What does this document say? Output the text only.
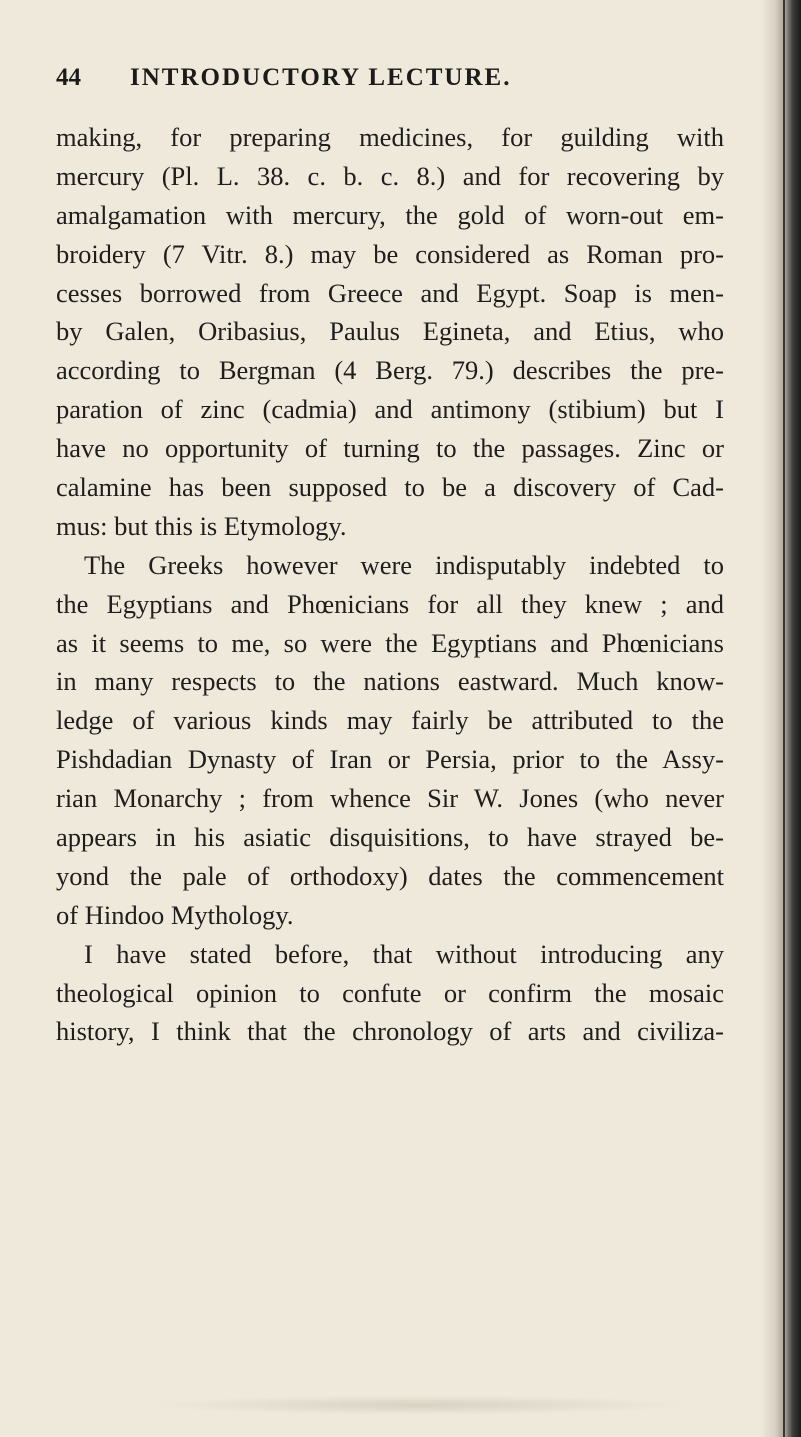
44 INTRODUCTORY LECTURE.
making, for preparing medicines, for guilding with
mercury (Pl. L. 38. c. b. c. 8.) and for recovering by
amalgamation with mercury, the gold of worn-out em-
broidery (7 Vitr. 8.) may be considered as Roman pro-
cesses borrowed from Greece and Egypt. Soap is men-
by Galen, Oribasius, Paulus Egineta, and Etius, who
according to Bergman (4 Berg. 79.) describes the pre-
paration of zinc (cadmia) and antimony (stibium) but I
have no opportunity of turning to the passages. Zinc or
calamine has been supposed to be a discovery of Cad-
mus: but this is Etymology.
The Greeks however were indisputably indebted to
the Egyptians and Phœnicians for all they knew ; and
as it seems to me, so were the Egyptians and Phœnicians
in many respects to the nations eastward. Much know-
ledge of various kinds may fairly be attributed to the
Pishdadian Dynasty of Iran or Persia, prior to the Assy-
rian Monarchy ; from whence Sir W. Jones (who never
appears in his asiatic disquisitions, to have strayed be-
yond the pale of orthodoxy) dates the commencement
of Hindoo Mythology.
I have stated before, that without introducing any
theological opinion to confute or confirm the mosaic
history, I think that the chronology of arts and civiliza-
